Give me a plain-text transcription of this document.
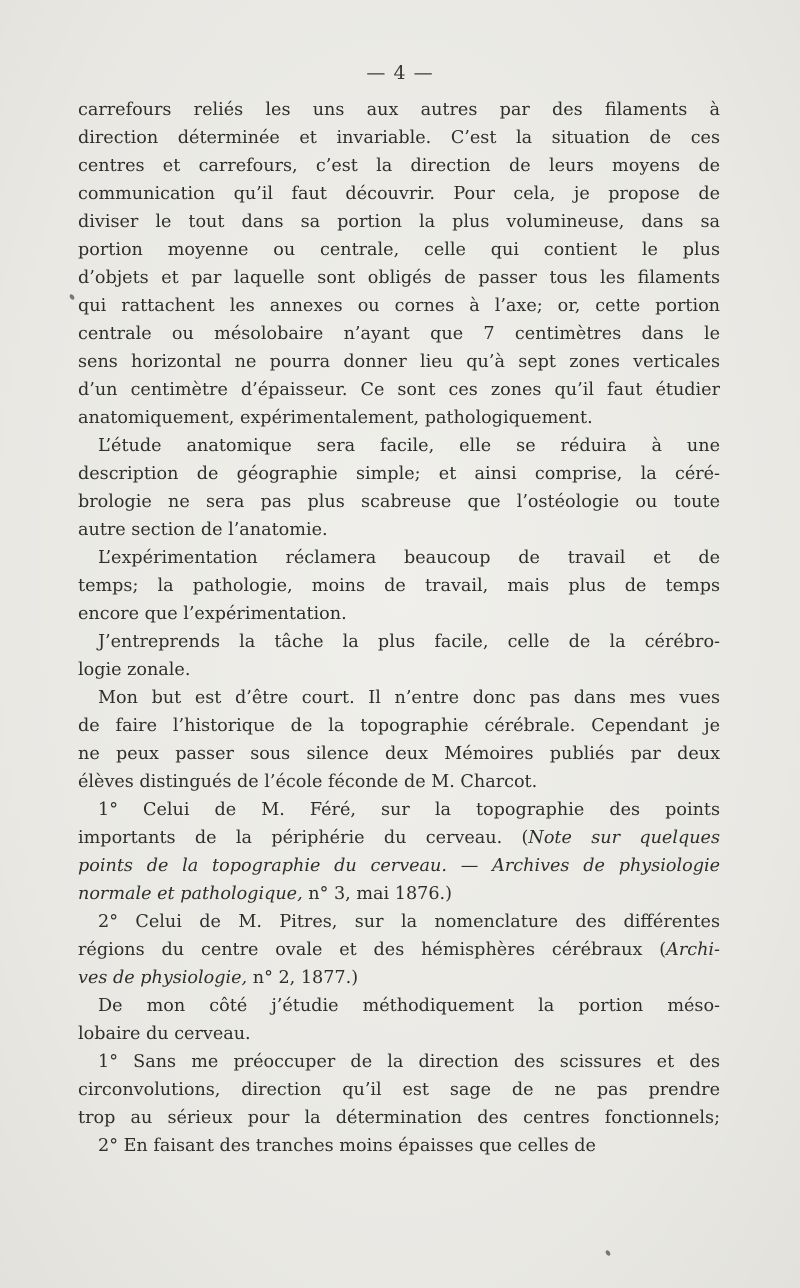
— 4 —
carrefours reliés les uns aux autres par des filaments à
direction déterminée et invariable. C’est la situation de ces
centres et carrefours, c’est la direction de leurs moyens de
communication qu’il faut découvrir. Pour cela, je propose de
diviser le tout dans sa portion la plus volumineuse, dans sa
portion moyenne ou centrale, celle qui contient le plus
d’objets et par laquelle sont obligés de passer tous les filaments
qui rattachent les annexes ou cornes à l’axe; or, cette portion
centrale ou mésolobaire n’ayant que 7 centimètres dans le
sens horizontal ne pourra donner lieu qu’à sept zones verticales
d’un centimètre d’épaisseur. Ce sont ces zones qu’il faut étudier
anatomiquement, expérimentalement, pathologiquement.
L’étude anatomique sera facile, elle se réduira à une
description de géographie simple; et ainsi comprise, la céré-
brologie ne sera pas plus scabreuse que l’ostéologie ou toute
autre section de l’anatomie.
L’expérimentation réclamera beaucoup de travail et de
temps; la pathologie, moins de travail, mais plus de temps
encore que l’expérimentation.
J’entreprends la tâche la plus facile, celle de la cérébro-
logie zonale.
Mon but est d’être court. Il n’entre donc pas dans mes vues
de faire l’historique de la topographie cérébrale. Cependant je
ne peux passer sous silence deux Mémoires publiés par deux
élèves distingués de l’école féconde de M. Charcot.
1° Celui de M. Féré, sur la topographie des points
importants de la périphérie du cerveau. (Note sur quelques
points de la topographie du cerveau. — Archives de physiologie
normale et pathologique, n° 3, mai 1876.)
2° Celui de M. Pitres, sur la nomenclature des différentes
régions du centre ovale et des hémisphères cérébraux (Archi-
ves de physiologie, n° 2, 1877.)
De mon côté j’étudie méthodiquement la portion méso-
lobaire du cerveau.
1° Sans me préoccuper de la direction des scissures et des
circonvolutions, direction qu’il est sage de ne pas prendre
trop au sérieux pour la détermination des centres fonctionnels;
2° En faisant des tranches moins épaisses que celles de
